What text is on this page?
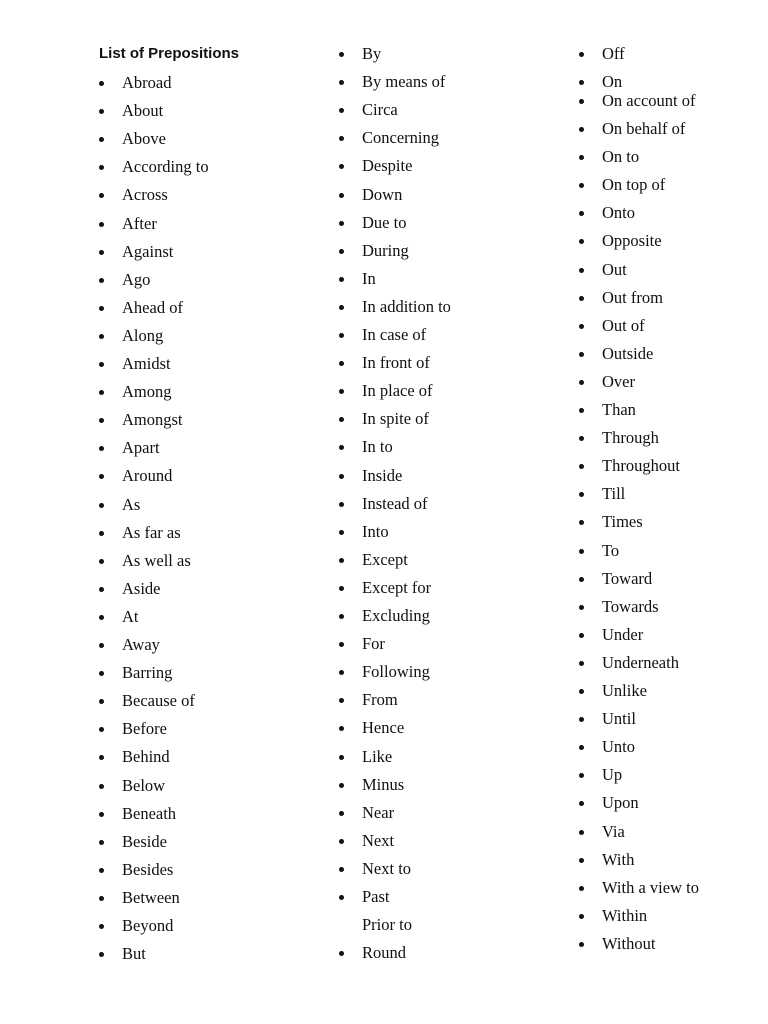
List of Prepositions
Abroad
About
Above
According to
Across
After
Against
Ago
Ahead of
Along
Amidst
Among
Amongst
Apart
Around
As
As far as
As well as
Aside
At
Away
Barring
Because of
Before
Behind
Below
Beneath
Beside
Besides
Between
Beyond
But
By
By means of
Circa
Concerning
Despite
Down
Due to
During
In
In addition to
In case of
In front of
In place of
In spite of
In to
Inside
Instead of
Into
Except
Except for
Excluding
For
Following
From
Hence
Like
Minus
Near
Next
Next to
Past
Prior to
Round
Off
On
On account of
On behalf of
On to
On top of
Onto
Opposite
Out
Out from
Out of
Outside
Over
Than
Through
Throughout
Till
Times
To
Toward
Towards
Under
Underneath
Unlike
Until
Unto
Up
Upon
Via
With
With a view to
Within
Without
